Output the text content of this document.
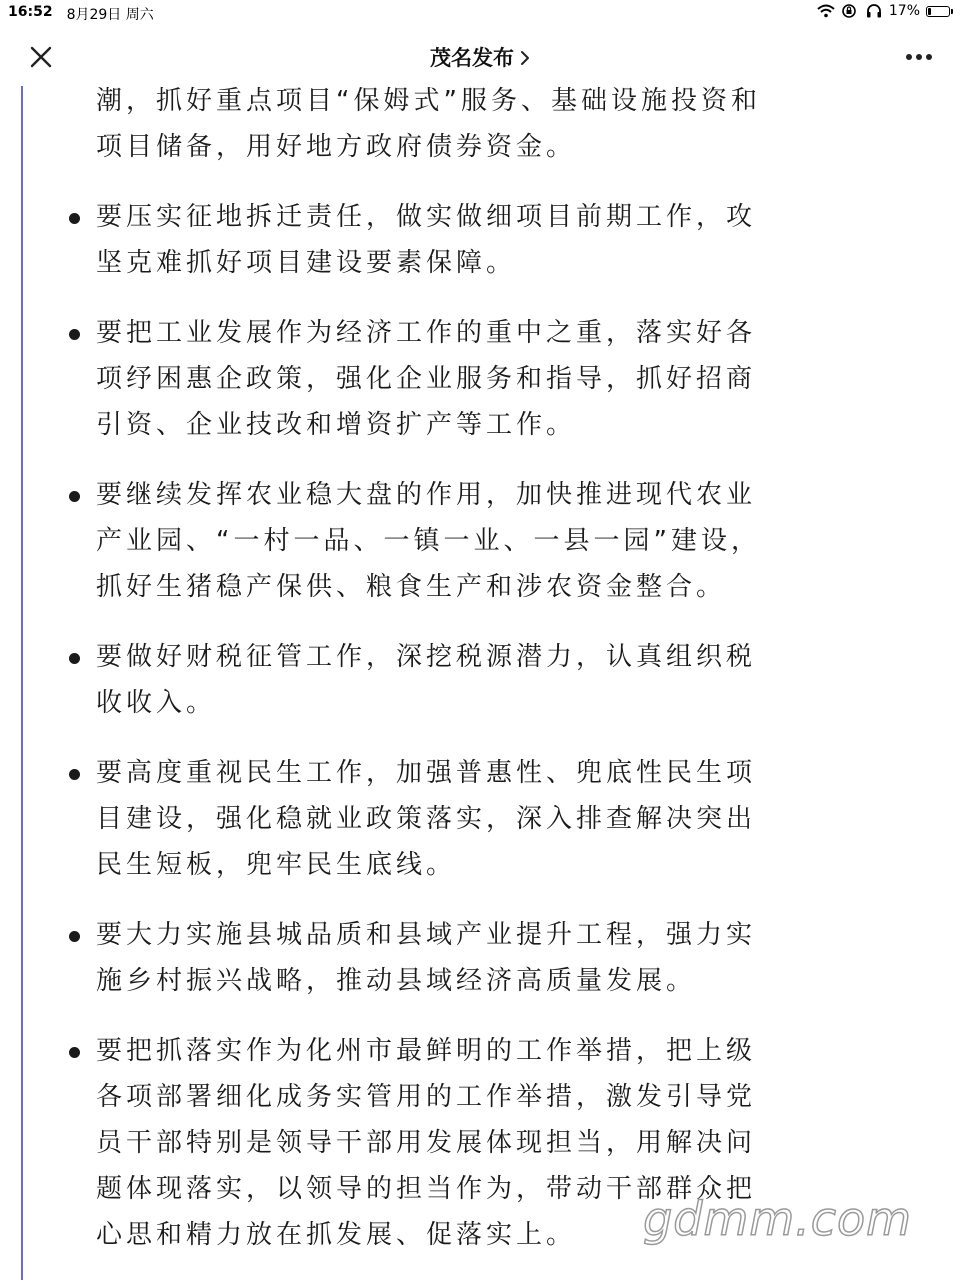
16:52 8月29日 周六	17%
茂名发布

潮，抓好重点项目“保姆式”服务、基础设施投资和项目储备，用好地方政府债券资金。

要压实征地拆迁责任，做实做细项目前期工作，攻坚克难抓好项目建设要素保障。
要把工业发展作为经济工作的重中之重，落实好各项纾困惠企政策，强化企业服务和指导，抓好招商引资、企业技改和增资扩产等工作。
要继续发挥农业稳大盘的作用，加快推进现代农业产业园、“一村一品、一镇一业、一县一园”建设，抓好生猪稳产保供、粮食生产和涉农资金整合。
要做好财税征管工作，深挖税源潜力，认真组织税收收入。
要高度重视民生工作，加强普惠性、兜底性民生项目建设，强化稳就业政策落实，深入排查解决突出民生短板，兜牢民生底线。
要大力实施县城品质和县域产业提升工程，强力实施乡村振兴战略，推动县域经济高质量发展。
要把抓落实作为化州市最鲜明的工作举措，把上级各项部署细化成务实管用的工作举措，激发引导党员干部特别是领导干部用发展体现担当，用解决问题体现落实，以领导的担当作为，带动干部群众把心思和精力放在抓发展、促落实上。	gdmm.com
